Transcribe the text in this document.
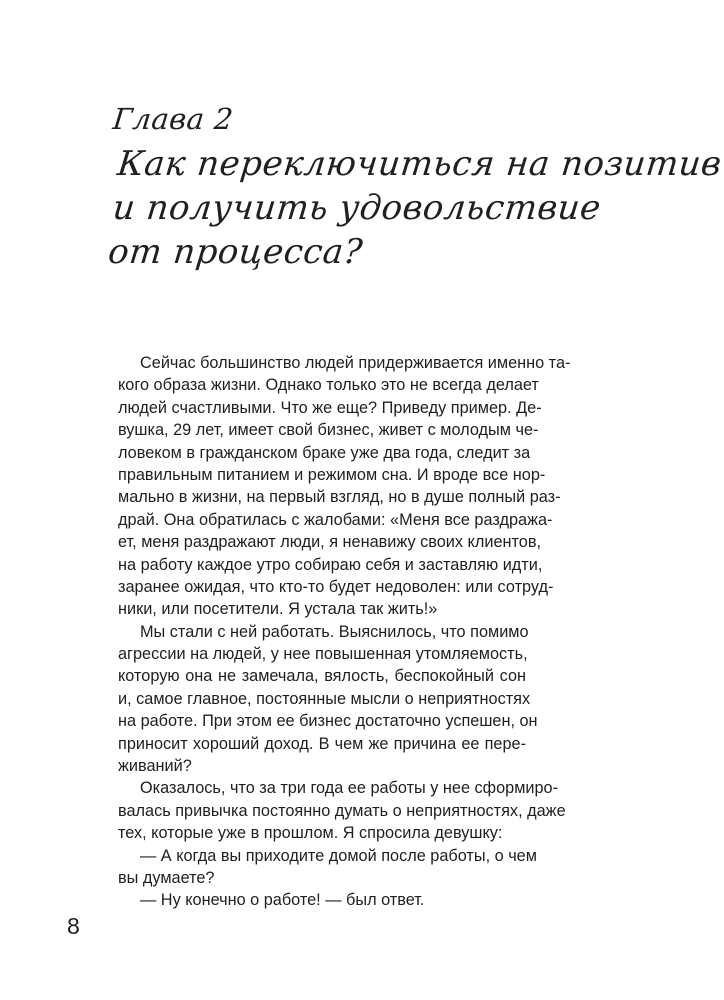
Глава 2
Как переключиться на позитив
и получить удовольствие
от процесса?
Сейчас большинство людей придерживается именно та-
кого образа жизни. Однако только это не всегда делает
людей счастливыми. Что же еще? Приведу пример. Де-
вушка, 29 лет, имеет свой бизнес, живет с молодым че-
ловеком в гражданском браке уже два года, следит за
правильным питанием и режимом сна. И вроде все нор-
мально в жизни, на первый взгляд, но в душе полный раз-
драй. Она обратилась с жалобами: «Меня все раздража-
ет, меня раздражают люди, я ненавижу своих клиентов,
на работу каждое утро собираю себя и заставляю идти,
заранее ожидая, что кто-то будет недоволен: или сотруд-
ники, или посетители. Я устала так жить!»
Мы стали с ней работать. Выяснилось, что помимо
агрессии на людей, у нее повышенная утомляемость,
которую она не замечала, вялость, беспокойный сон
и, самое главное, постоянные мысли о неприятностях
на работе. При этом ее бизнес достаточно успешен, он
приносит хороший доход. В чем же причина ее пере-
живаний?
Оказалось, что за три года ее работы у нее сформиро-
валась привычка постоянно думать о неприятностях, даже
тех, которые уже в прошлом. Я спросила девушку:
— А когда вы приходите домой после работы, о чем
вы думаете?
— Ну конечно о работе! — был ответ.
8
